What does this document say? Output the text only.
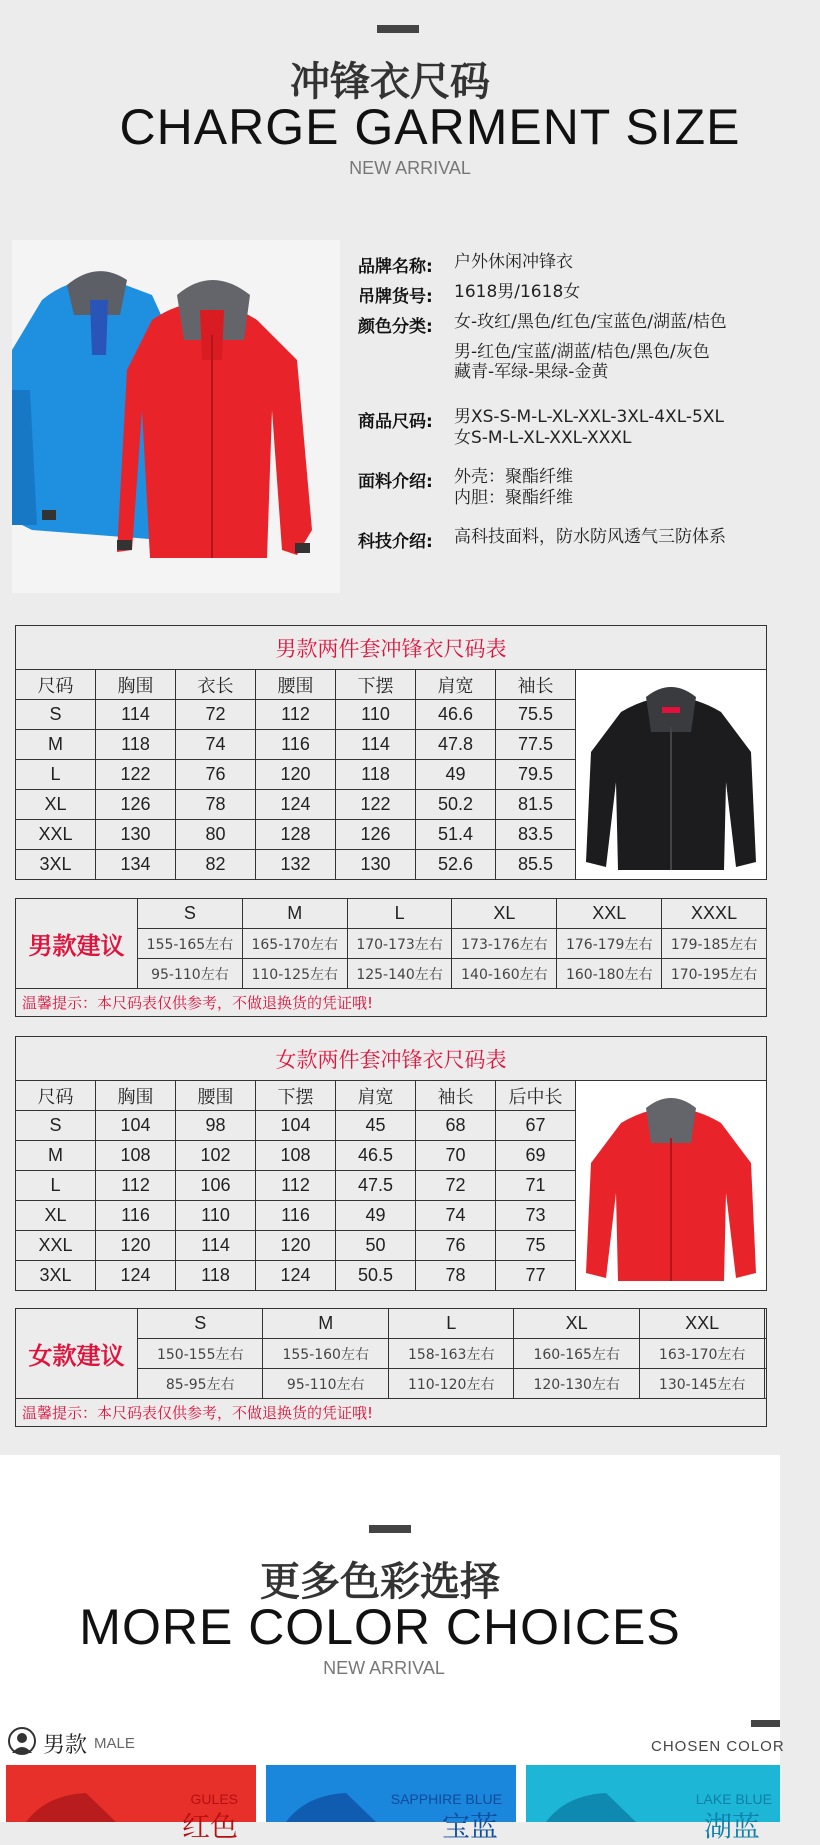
冲锋衣尺码
CHARGE GARMENT SIZE
NEW ARRIVAL
品牌名称: 户外休闲冲锋衣
吊牌货号: 1618男/1618女
颜色分类: 女-玫红/黑色/红色/宝蓝色/湖蓝/桔色
男-红色/宝蓝/湖蓝/桔色/黑色/灰色
藏青-军绿-果绿-金黄
商品尺码: 男XS-S-M-L-XL-XXL-3XL-4XL-5XL
女S-M-L-XL-XXL-XXXL
面料介绍: 外壳：聚酯纤维
内胆：聚酯纤维
科技介绍: 高科技面料，防水防风透气三防体系
男款两件套冲锋衣尺码表							
尺码	胸围	衣长	腰围	下摆	肩宽	袖长	
S	114	72	112	110	46.6	75.5	
M	118	74	116	114	47.8	77.5	
L	122	76	120	118	49	79.5	
XL	126	78	124	122	50.2	81.5	
XXL	130	80	128	126	51.4	83.5	
3XL	134	82	132	130	52.6	85.5	
男款建议	S	M	L	XL	XXL	XXXL
	155-165左右	165-170左右	170-173左右	173-176左右	176-179左右	179-185左右
	95-110左右	110-125左右	125-140左右	140-160左右	160-180左右	170-195左右
温馨提示：本尺码表仅供参考，不做退换货的凭证哦!						
女款两件套冲锋衣尺码表							
尺码	胸围	腰围	下摆	肩宽	袖长	后中长	
S	104	98	104	45	68	67	
M	108	102	108	46.5	70	69	
L	112	106	112	47.5	72	71	
XL	116	110	116	49	74	73	
XXL	120	114	120	50	76	75	
3XL	124	118	124	50.5	78	77	
女款建议	S	M	L	XL	XXL	
	150-155左右	155-160左右	158-163左右	160-165左右	163-170左右	
	85-95左右	95-110左右	110-120左右	120-130左右	130-145左右	
温馨提示：本尺码表仅供参考，不做退换货的凭证哦!						
更多色彩选择
MORE COLOR CHOICES
NEW ARRIVAL
男款 MALE	CHOSEN COLOR
GULES
红色
SAPPHIRE BLUE
宝蓝
LAKE BLUE
湖蓝
